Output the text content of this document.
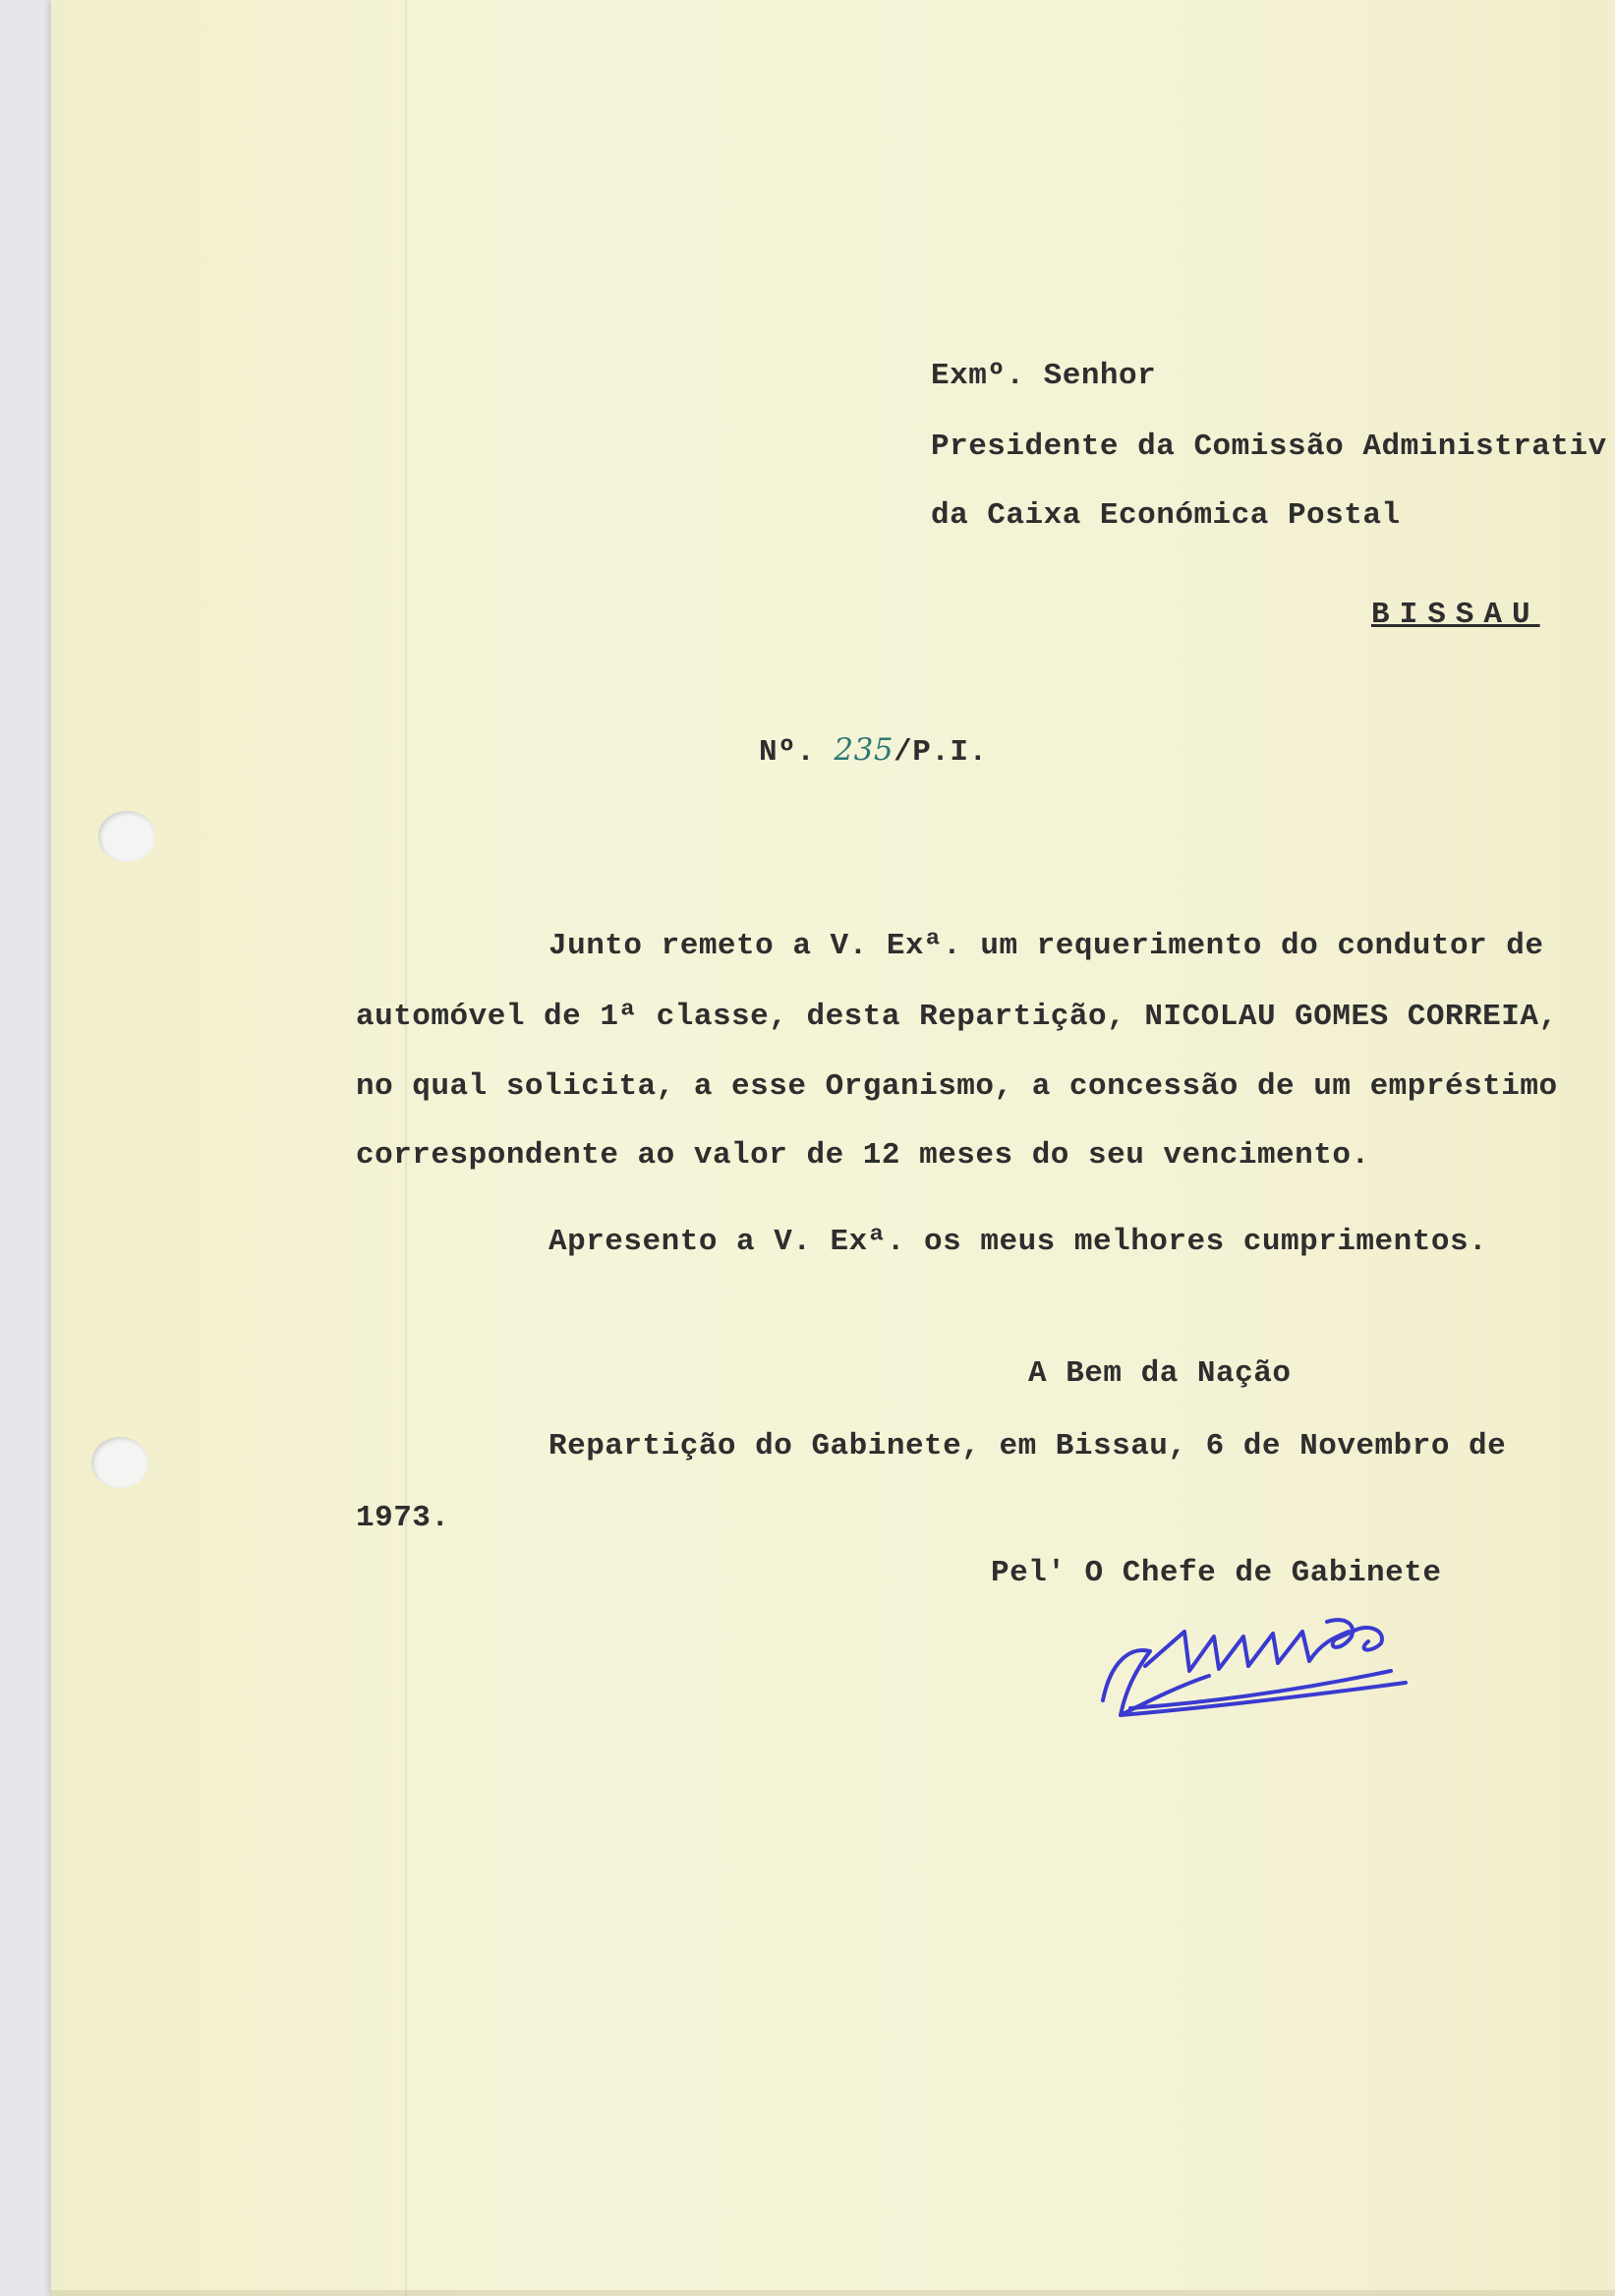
Exmº. Senhor

Presidente da Comissão Administrativ

da Caixa Económica Postal

BISSAU

Nº. 235/P.I.

Junto remeto a V. Exª. um requerimento do condutor de

automóvel de 1ª classe, desta Repartição, NICOLAU GOMES CORREIA,

no qual solicita, a esse Organismo, a concessão de um empréstimo

correspondente ao valor de 12 meses do seu vencimento.

Apresento a V. Exª. os meus melhores cumprimentos.

A Bem da Nação

Repartição do Gabinete, em Bissau, 6 de Novembro de

1973.

Pel' O Chefe de Gabinete
